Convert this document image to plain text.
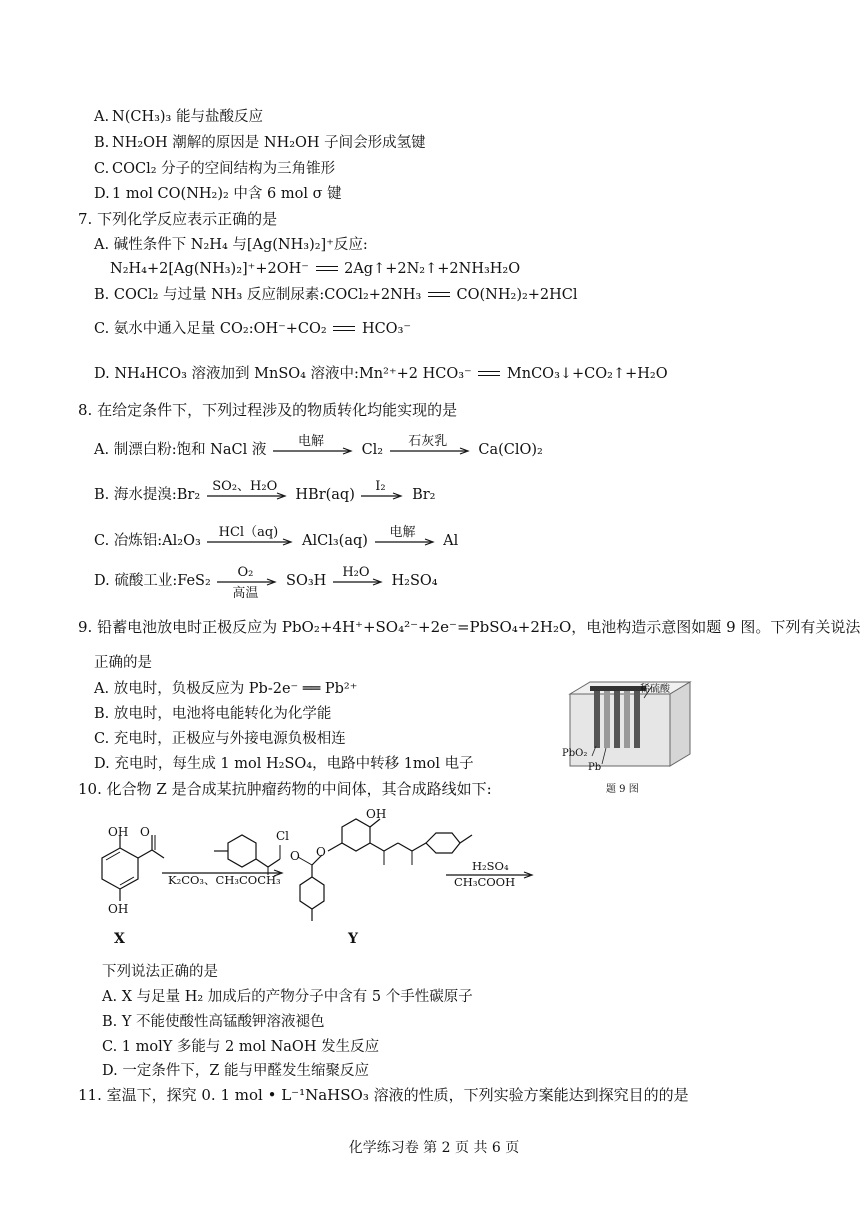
A. N(CH₃)₃ 能与盐酸反应
B. NH₂OH 潮解的原因是 NH₂OH 子间会形成氢键
C. COCl₂ 分子的空间结构为三角锥形
D. 1 mol CO(NH₂)₂ 中含 6 mol σ 键
7. 下列化学反应表示正确的是
A. 碱性条件下 N₂H₄ 与[Ag(NH₃)₂]⁺反应:
N₂H₄+2[Ag(NH₃)₂]⁺+2OH⁻ 2Ag↑+2N₂↑+2NH₃H₂O
B. COCl₂ 与过量 NH₃ 反应制尿素:COCl₂+2NH₃ CO(NH₂)₂+2HCl
C. 氨水中通入足量 CO₂:OH⁻+CO₂ HCO₃⁻
D. NH₄HCO₃ 溶液加到 MnSO₄ 溶液中:Mn²⁺+2 HCO₃⁻ MnCO₃↓+CO₂↑+H₂O
8. 在给定条件下，下列过程涉及的物质转化均能实现的是
A. 制漂白粉:饱和 NaCl 液
电解
Cl₂
石灰乳
Ca(ClO)₂
B. 海水提溴:Br₂
SO₂、H₂O
HBr(aq)
I₂
Br₂
C. 冶炼铝:Al₂O₃
HCl（aq)
AlCl₃(aq)
电解
Al
D. 硫酸工业:FeS₂
O₂
高温
SO₃H
H₂O
H₂SO₄
9. 铅蓄电池放电时正极反应为 PbO₂+4H⁺+SO₄²⁻+2e⁻=PbSO₄+2H₂O，电池构造示意图如题 9 图。下列有关说法
正确的是
A. 放电时，负极反应为 Pb-2e⁻ ══ Pb²⁺
B. 放电时，电池将电能转化为化学能
C. 充电时，正极应与外接电源负极相连
D. 充电时，每生成 1 mol H₂SO₄，电路中转移 1mol 电子
稀硫酸
PbO₂
Pb
题 9 图
10. 化合物 Z 是合成某抗肿瘤药物的中间体，其合成路线如下:
OH O
OH
X
Cl
K₂CO₃、CH₃COCH₃
OH
O
O
Y
H₂SO₄
CH₃COOH
下列说法正确的是
A. X 与足量 H₂ 加成后的产物分子中含有 5 个手性碳原子
B. Y 不能使酸性高锰酸钾溶液褪色
C. 1 molY 多能与 2 mol NaOH 发生反应
D. 一定条件下，Z 能与甲醛发生缩聚反应
11. 室温下，探究 0. 1 mol • L⁻¹NaHSO₃ 溶液的性质，下列实验方案能达到探究目的的是
化学练习卷 第 2 页 共 6 页
